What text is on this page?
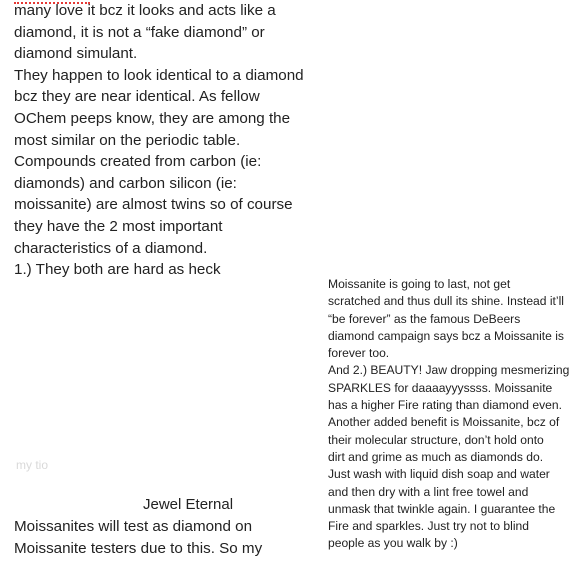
many love it bcz it looks and acts like a
diamond, it is not a “fake diamond” or
diamond simulant.
They happen to look identical to a diamond
bcz they are near identical. As fellow
OChem peeps know, they are among the
most similar on the periodic table.
Compounds created from carbon (ie:
diamonds) and carbon silicon (ie:
moissanite) are almost twins so of course
they have the 2 most important
characteristics of a diamond.
1.) They both are hard as heck
my tio
Jewel Eternal
Moissanites will test as diamond on
Moissanite testers due to this. So my
Moissanite is going to last, not get
scratched and thus dull its shine. Instead it’ll
“be forever” as the famous DeBeers
diamond campaign says bcz a Moissanite is
forever too.
And 2.) BEAUTY! Jaw dropping mesmerizing
SPARKLES for daaaayyyssss. Moissanite
has a higher Fire rating than diamond even.
Another added benefit is Moissanite, bcz of
their molecular structure, don’t hold onto
dirt and grime as much as diamonds do.
Just wash with liquid dish soap and water
and then dry with a lint free towel and
unmask that twinkle again. I guarantee the
Fire and sparkles. Just try not to blind
people as you walk by :)
